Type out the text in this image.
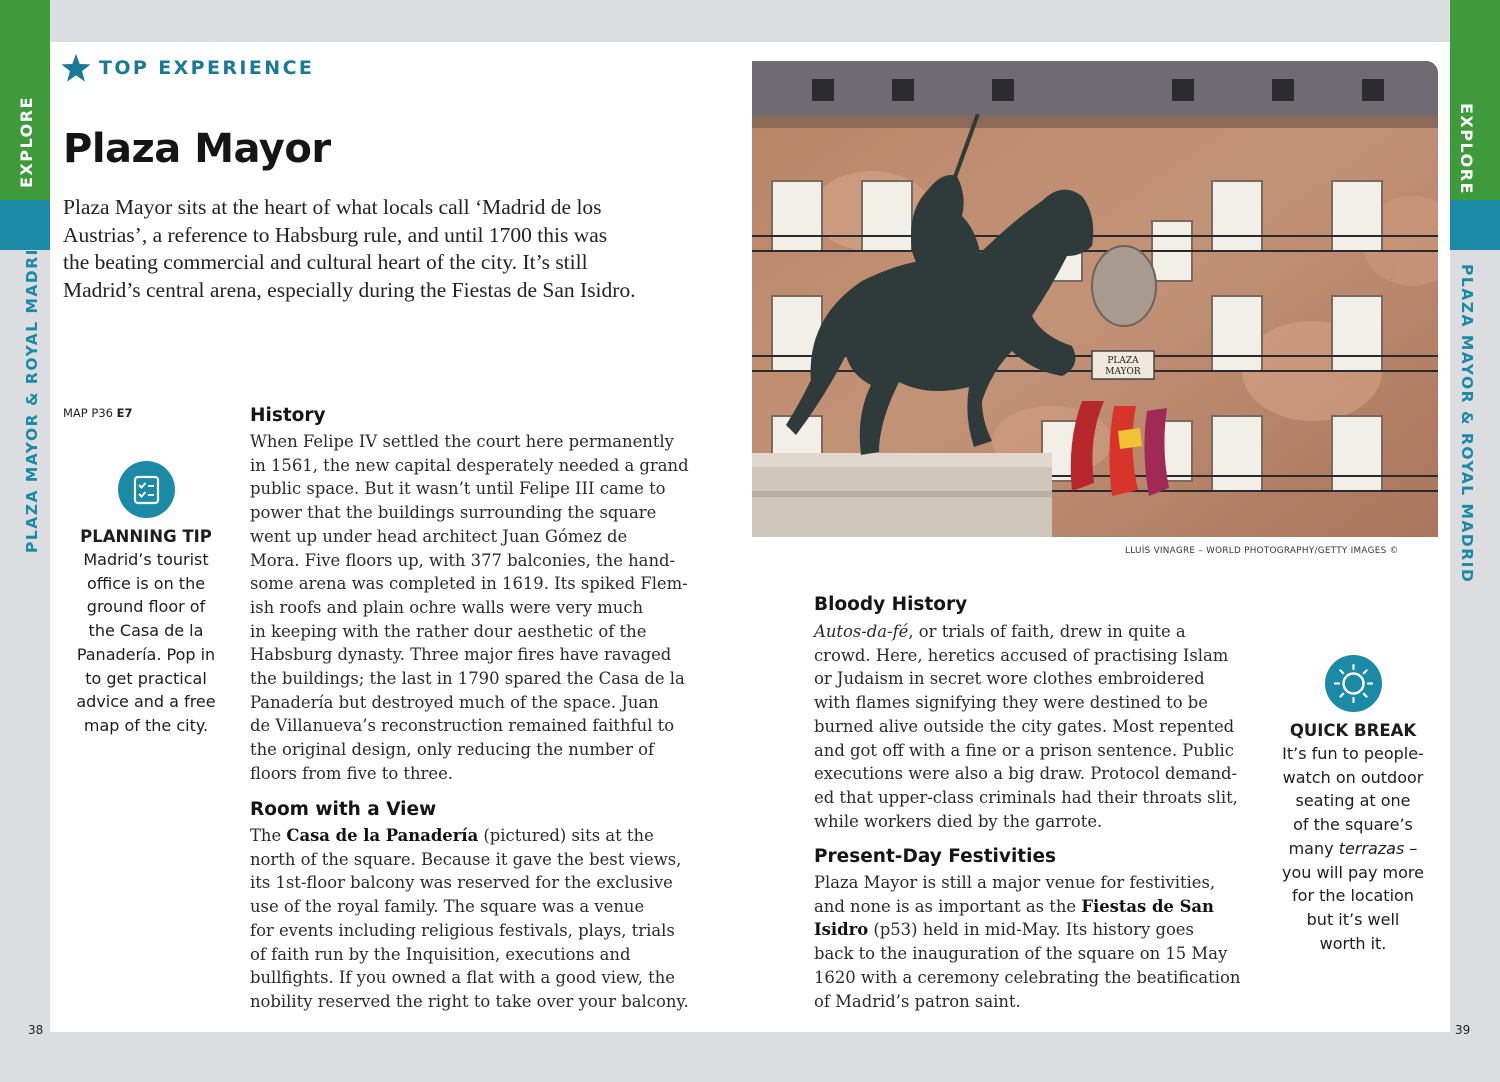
EXPLORE
PLAZA MAYOR & ROYAL MADRID
38
EXPLORE
PLAZA MAYOR & ROYAL MADRID
39
TOP EXPERIENCE
Plaza Mayor
Plaza Mayor sits at the heart of what locals call ‘Madrid de los
Austrias’, a reference to Habsburg rule, and until 1700 this was
the beating commercial and cultural heart of the city. It’s still
Madrid’s central arena, especially during the Fiestas de San Isidro.
MAP P36 E7
PLANNING TIP
Madrid’s tourist
office is on the
ground floor of
the Casa de la
Panadería. Pop in
to get practical
advice and a free
map of the city.
History
When Felipe IV settled the court here permanently
in 1561, the new capital desperately needed a grand
public space. But it wasn’t until Felipe III came to
power that the buildings surrounding the square
went up under head architect Juan Gómez de
Mora. Five floors up, with 377 balconies, the hand-
some arena was completed in 1619. Its spiked Flem-
ish roofs and plain ochre walls were very much
in keeping with the rather dour aesthetic of the
Habsburg dynasty. Three major fires have ravaged
the buildings; the last in 1790 spared the Casa de la
Panadería but destroyed much of the space. Juan
de Villanueva’s reconstruction remained faithful to
the original design, only reducing the number of
floors from five to three.
Room with a View
The Casa de la Panadería (pictured) sits at the
north of the square. Because it gave the best views,
its 1st-floor balcony was reserved for the exclusive
use of the royal family. The square was a venue
for events including religious festivals, plays, trials
of faith run by the Inquisition, executions and
bullfights. If you owned a flat with a good view, the
nobility reserved the right to take over your balcony.
PLAZA
MAYOR
LLUÍS VINAGRE – WORLD PHOTOGRAPHY/GETTY IMAGES ©
Bloody History
Autos-da-fé, or trials of faith, drew in quite a
crowd. Here, heretics accused of practising Islam
or Judaism in secret wore clothes embroidered
with flames signifying they were destined to be
burned alive outside the city gates. Most repented
and got off with a fine or a prison sentence. Public
executions were also a big draw. Protocol demand-
ed that upper-class criminals had their throats slit,
while workers died by the garrote.
Present-Day Festivities
Plaza Mayor is still a major venue for festivities,
and none is as important as the Fiestas de San
Isidro (p53) held in mid-May. Its history goes
back to the inauguration of the square on 15 May
1620 with a ceremony celebrating the beatification
of Madrid’s patron saint.
QUICK BREAK
It’s fun to people-
watch on outdoor
seating at one
of the square’s
many terrazas –
you will pay more
for the location
but it’s well
worth it.
